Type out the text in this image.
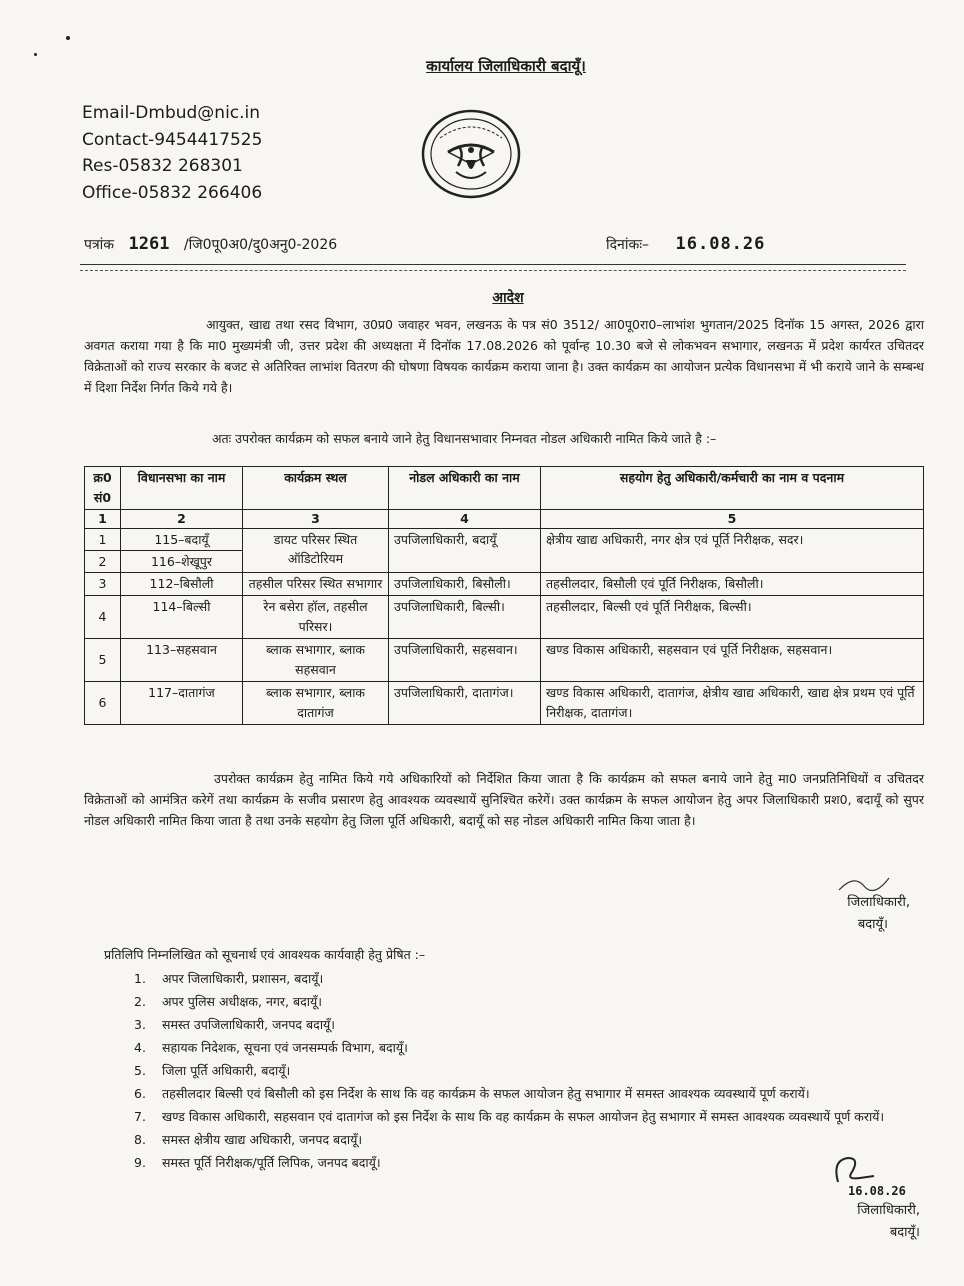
कार्यालय जिलाधिकारी बदायूँ।
Email-Dmbud@nic.in
Contact-9454417525
Res-05832 268301
Office-05832 266406
पत्रांक 1261 /जि0पू0अ0/दु0अनु0-2026	दिनांकः– 16.08.26
आदेश
आयुक्त, खाद्य तथा रसद विभाग, उ0प्र0 जवाहर भवन, लखनऊ के पत्र सं0 3512/ आ0पू0रा0–लाभांश भुगतान/2025 दिनॉक 15 अगस्त, 2026 द्वारा अवगत कराया गया है कि मा0 मुख्यमंत्री जी, उत्तर प्रदेश की अध्यक्षता में दिनॉक 17.08.2026 को पूर्वान्ह 10.30 बजे से लोकभवन सभागार, लखनऊ में प्रदेश कार्यरत उचितदर विक्रेताओं को राज्य सरकार के बजट से अतिरिक्त लाभांश वितरण की घोषणा विषयक कार्यक्रम कराया जाना है। उक्त कार्यक्रम का आयोजन प्रत्येक विधानसभा में भी कराये जाने के सम्बन्ध में दिशा निर्देश निर्गत किये गये है।
अतः उपरोक्त कार्यक्रम को सफल बनाये जाने हेतु विधानसभावार निम्नवत नोडल अधिकारी नामित किये जाते है :–
क्र0 सं0	विधानसभा का नाम	कार्यक्रम स्थल	नोडल अधिकारी का नाम	सहयोग हेतु अधिकारी/कर्मचारी का नाम व पदनाम
1	2	3	4	5
1	115–बदायूँ	डायट परिसर स्थित ऑडिटोरियम	उपजिलाधिकारी, बदायूँ	क्षेत्रीय खाद्य अधिकारी, नगर क्षेत्र एवं पूर्ति निरीक्षक, सदर।
2	116–शेखूपुर			
3	112–बिसौली	तहसील परिसर स्थित सभागार	उपजिलाधिकारी, बिसौली।	तहसीलदार, बिसौली एवं पूर्ति निरीक्षक, बिसौली।
4	114–बिल्सी	रेन बसेरा हॉल, तहसील परिसर।	उपजिलाधिकारी, बिल्सी।	तहसीलदार, बिल्सी एवं पूर्ति निरीक्षक, बिल्सी।
5	113–सहसवान	ब्लाक सभागार, ब्लाक सहसवान	उपजिलाधिकारी, सहसवान।	खण्ड विकास अधिकारी, सहसवान एवं पूर्ति निरीक्षक, सहसवान।
6	117–दातागंज	ब्लाक सभागार, ब्लाक दातागंज	उपजिलाधिकारी, दातागंज।	खण्ड विकास अधिकारी, दातागंज, क्षेत्रीय खाद्य अधिकारी, खाद्य क्षेत्र प्रथम एवं पूर्ति निरीक्षक, दातागंज।
उपरोक्त कार्यक्रम हेतु नामित किये गये अधिकारियों को निर्देशित किया जाता है कि कार्यक्रम को सफल बनाये जाने हेतु मा0 जनप्रतिनिधियों व उचितदर विक्रेताओं को आमंत्रित करेगें तथा कार्यक्रम के सजीव प्रसारण हेतु आवश्यक व्यवस्थायें सुनिश्चित करेगें। उक्त कार्यक्रम के सफल आयोजन हेतु अपर जिलाधिकारी प्रश0, बदायूँ को सुपर नोडल अधिकारी नामित किया जाता है तथा उनके सहयोग हेतु जिला पूर्ति अधिकारी, बदायूँ को सह नोडल अधिकारी नामित किया जाता है।
जिलाधिकारी,
बदायूँ।
प्रतिलिपि निम्नलिखित को सूचनार्थ एवं आवश्यक कार्यवाही हेतु प्रेषित :–
1. अपर जिलाधिकारी, प्रशासन, बदायूँ।
2. अपर पुलिस अधीक्षक, नगर, बदायूँ।
3. समस्त उपजिलाधिकारी, जनपद बदायूँ।
4. सहायक निदेशक, सूचना एवं जनसम्पर्क विभाग, बदायूँ।
5. जिला पूर्ति अधिकारी, बदायूँ।
6. तहसीलदार बिल्सी एवं बिसौली को इस निर्देश के साथ कि वह कार्यक्रम के सफल आयोजन हेतु सभागार में समस्त आवश्यक व्यवस्थायें पूर्ण करायें।
7. खण्ड विकास अधिकारी, सहसवान एवं दातागंज को इस निर्देश के साथ कि वह कार्यक्रम के सफल आयोजन हेतु सभागार में समस्त आवश्यक व्यवस्थायें पूर्ण करायें।
8. समस्त क्षेत्रीय खाद्य अधिकारी, जनपद बदायूँ।
9. समस्त पूर्ति निरीक्षक/पूर्ति लिपिक, जनपद बदायूँ।
16.08.26
जिलाधिकारी,
बदायूँ।
